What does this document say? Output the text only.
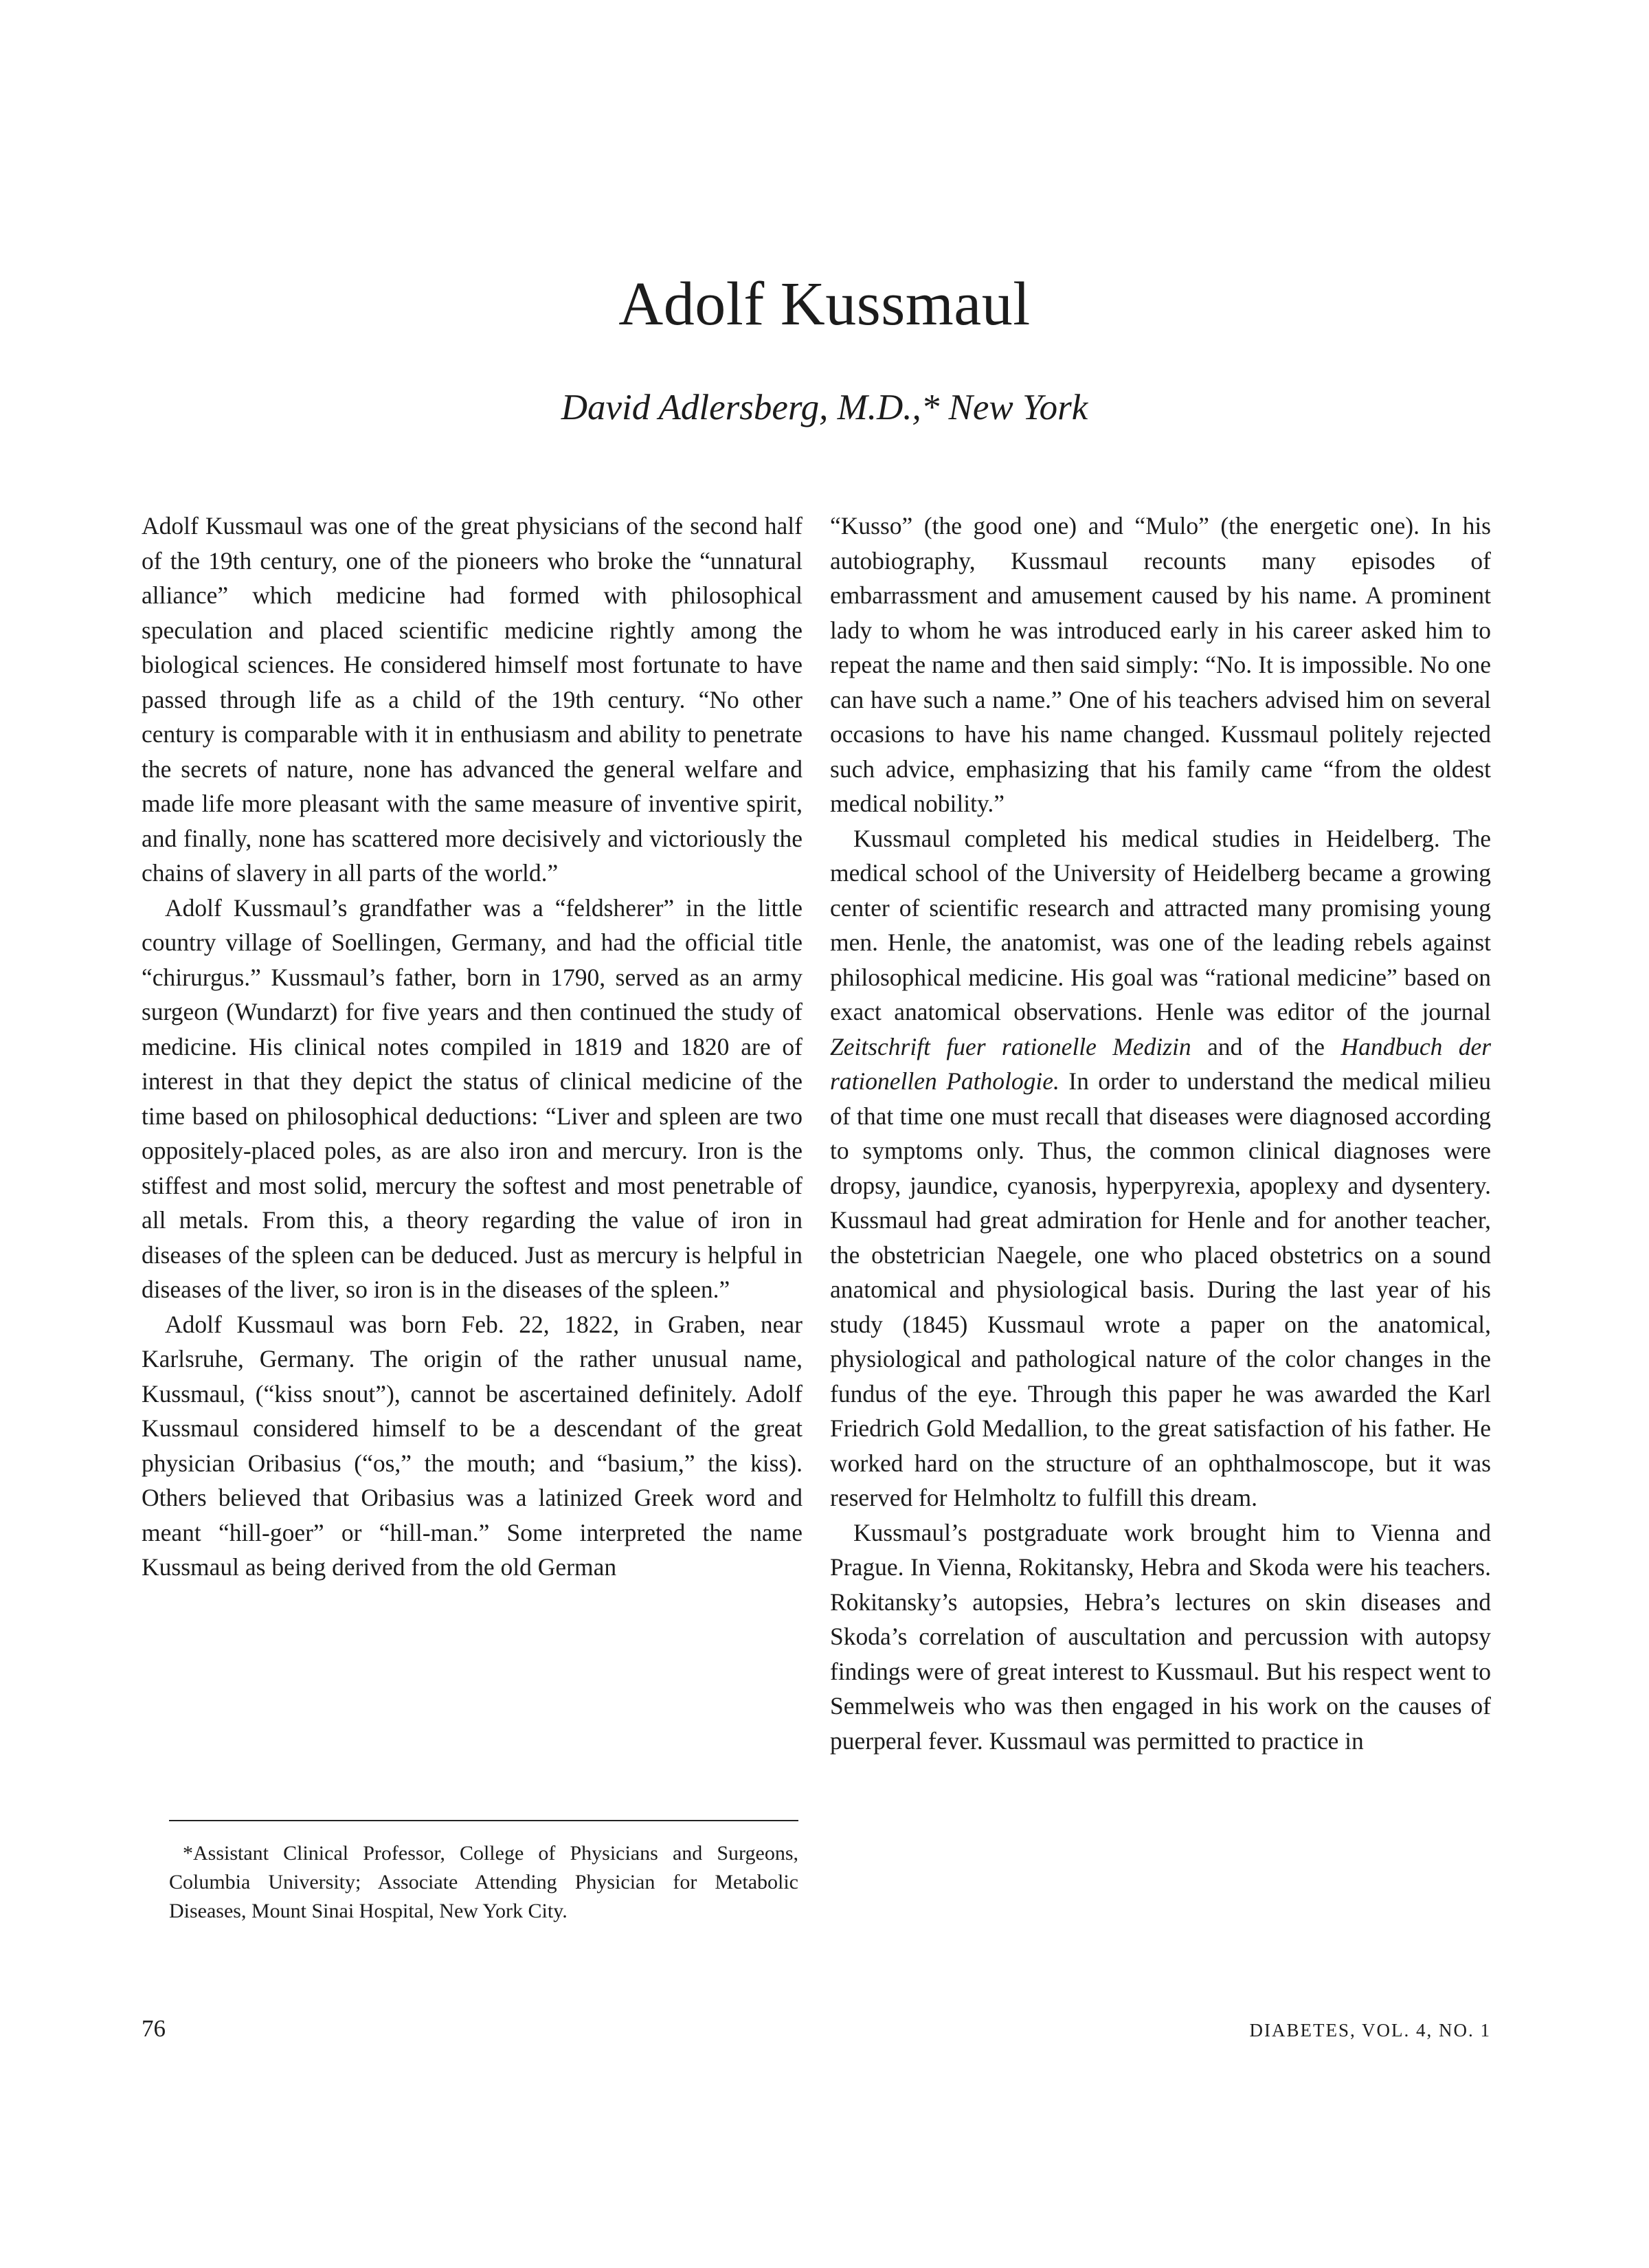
Adolf Kussmaul

David Adlersberg, M.D.,* New York

Adolf Kussmaul was one of the great physicians of the second half of the 19th century, one of the pioneers who broke the “unnatural alliance” which medicine had formed with philosophical speculation and placed scientific medicine rightly among the biological sciences. He considered himself most fortunate to have passed through life as a child of the 19th century. “No other century is comparable with it in enthusiasm and ability to penetrate the secrets of nature, none has advanced the general welfare and made life more pleasant with the same measure of inventive spirit, and finally, none has scattered more decisively and victoriously the chains of slavery in all parts of the world.”

Adolf Kussmaul’s grandfather was a “feldsherer” in the little country village of Soellingen, Germany, and had the official title “chirurgus.” Kussmaul’s father, born in 1790, served as an army surgeon (Wundarzt) for five years and then continued the study of medicine. His clinical notes compiled in 1819 and 1820 are of interest in that they depict the status of clinical medicine of the time based on philosophical deductions: “Liver and spleen are two oppositely-placed poles, as are also iron and mercury. Iron is the stiffest and most solid, mercury the softest and most penetrable of all metals. From this, a theory regarding the value of iron in diseases of the spleen can be deduced. Just as mercury is helpful in diseases of the liver, so iron is in the diseases of the spleen.”

Adolf Kussmaul was born Feb. 22, 1822, in Graben, near Karlsruhe, Germany. The origin of the rather unusual name, Kussmaul, (“kiss snout”), cannot be ascertained definitely. Adolf Kussmaul considered himself to be a descendant of the great physician Oribasius (“os,” the mouth; and “basium,” the kiss). Others believed that Oribasius was a latinized Greek word and meant “hill-goer” or “hill-man.” Some interpreted the name Kussmaul as being derived from the old German

“Kusso” (the good one) and “Mulo” (the energetic one). In his autobiography, Kussmaul recounts many episodes of embarrassment and amusement caused by his name. A prominent lady to whom he was introduced early in his career asked him to repeat the name and then said simply: “No. It is impossible. No one can have such a name.” One of his teachers advised him on several occasions to have his name changed. Kussmaul politely rejected such advice, emphasizing that his family came “from the oldest medical nobility.”

Kussmaul completed his medical studies in Heidelberg. The medical school of the University of Heidelberg became a growing center of scientific research and attracted many promising young men. Henle, the anatomist, was one of the leading rebels against philosophical medicine. His goal was “rational medicine” based on exact anatomical observations. Henle was editor of the journal Zeitschrift fuer rationelle Medizin and of the Handbuch der rationellen Pathologie. In order to understand the medical milieu of that time one must recall that diseases were diagnosed according to symptoms only. Thus, the common clinical diagnoses were dropsy, jaundice, cyanosis, hyperpyrexia, apoplexy and dysentery. Kussmaul had great admiration for Henle and for another teacher, the obstetrician Naegele, one who placed obstetrics on a sound anatomical and physiological basis. During the last year of his study (1845) Kussmaul wrote a paper on the anatomical, physiological and pathological nature of the color changes in the fundus of the eye. Through this paper he was awarded the Karl Friedrich Gold Medallion, to the great satisfaction of his father. He worked hard on the structure of an ophthalmoscope, but it was reserved for Helmholtz to fulfill this dream.

Kussmaul’s postgraduate work brought him to Vienna and Prague. In Vienna, Rokitansky, Hebra and Skoda were his teachers. Rokitansky’s autopsies, Hebra’s lectures on skin diseases and Skoda’s correlation of auscultation and percussion with autopsy findings were of great interest to Kussmaul. But his respect went to Semmelweis who was then engaged in his work on the causes of puerperal fever. Kussmaul was permitted to practice in

*Assistant Clinical Professor, College of Physicians and Surgeons, Columbia University; Associate Attending Physician for Metabolic Diseases, Mount Sinai Hospital, New York City.

76	DIABETES, VOL. 4, NO. 1
